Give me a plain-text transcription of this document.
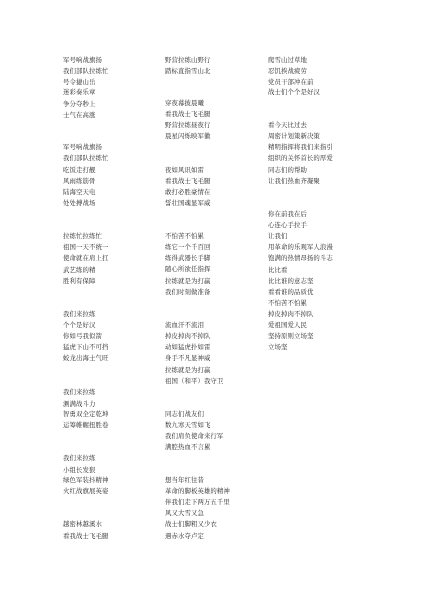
军号响战旗扬
我们部队拉练忙
号令捷山岳
迷彩奏乐章
争分夺秒上
士气在高涨
军号响战旗扬
我们部队拉练忙
吃饭走打靓
风雨练筋骨
陆海空天电
处处搏战场
拉练忙拉练忙
祖国一天不统一
使命就在肩上扛
武艺练的精
胜利有保障
我们来拉练
个个是好汉
你如弓我似箭
猛虎下山不可挡
蛟龙出海士气旺
我们来拉练
测满战斗力
智勇双全定乾坤
运筹帷幄扭胜卷
我们来拉练
小组长发狠
绿色军装抖精神
火红战旗展英姿
越密林越溪水
看我战士飞毛腿
野营拉练山野行
踏标直指雪山北
穿夜幕披晨曦
看我战士飞毛腿
野营拉练昼夜行
晨星闪烁映军徽
夜如风讯如雷
看我战士飞毛腿
敢打必胜豪情在
誓壮国魂显军威
不怕苦不怕累
练它一个千百回
练得武器长手脚
随心所欲任指挥
拉练就是为打赢
我们时刻做准备
流血汗不流泪
掉皮掉肉不掉队
动如猛虎扑如雷
身手不凡显神威
拉练就是为打赢
祖国（和平）我守卫
同志们战友们
数九寒天雪如飞
我们肩负使命来行军
满腔热血不言累
想当年红往昔
革命的脚板英雄的精神
伴我们走下两万五千里
风又大雪又急
战士们脚粗又少衣
遇赤水夺卢定
爬雪山过草地
忍饥挨战疲劳
党员干部冲在前
战士们个个是好汉
看今天比过去
周密计划策新决策
精明指挥将我们来指引
组织的关怀首长的厚爱
同志们的帮助
让我们热血齐凝聚
你在前我在后
心连心手拉手
让我们
用革命的乐观军人浪漫
饱满的热情昂扬的斗志
比比看
比比谁的意志坚
看看谁的品质优
不怕苦不怕累
掉皮掉肉不掉队
爱祖国爱人民
坚持原则立场坚
立场坚
